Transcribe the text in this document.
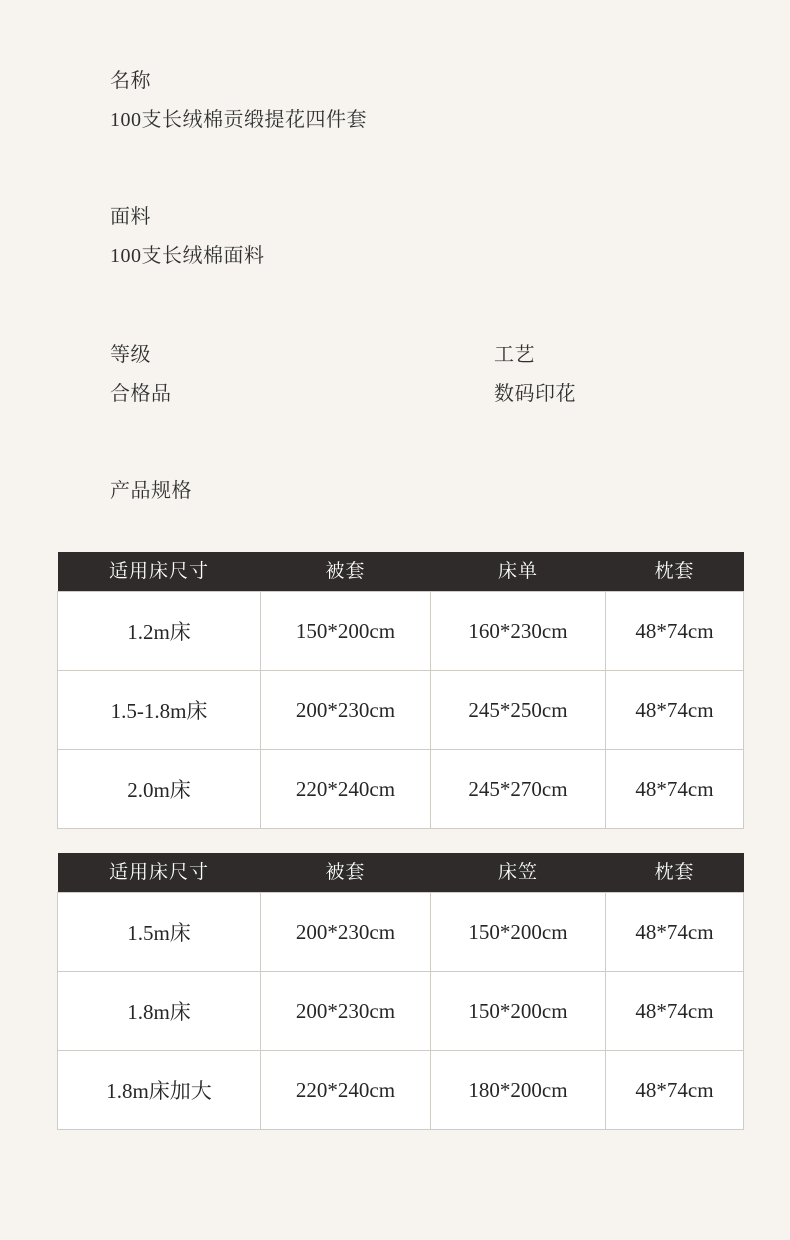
名称
100支长绒棉贡缎提花四件套
面料
100支长绒棉面料
等级
合格品
工艺
数码印花
产品规格
适用床尺寸	被套	床单	枕套
1.2m床	150*200cm	160*230cm	48*74cm
1.5-1.8m床	200*230cm	245*250cm	48*74cm
2.0m床	220*240cm	245*270cm	48*74cm
适用床尺寸	被套	床笠	枕套
1.5m床	200*230cm	150*200cm	48*74cm
1.8m床	200*230cm	150*200cm	48*74cm
1.8m床加大	220*240cm	180*200cm	48*74cm
